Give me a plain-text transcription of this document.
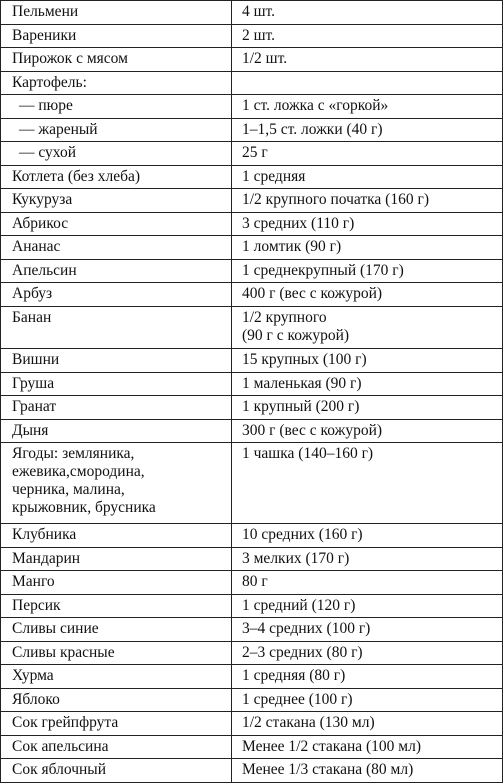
Пельмени	4 шт.
Вареники	2 шт.
Пирожок с мясом	1/2 шт.
Картофель:	
— пюре	1 ст. ложка с «горкой»
— жареный	1–1,5 ст. ложки (40 г)
— сухой	25 г
Котлета (без хлеба)	1 средняя
Кукуруза	1/2 крупного початка (160 г)
Абрикос	3 средних (110 г)
Ананас	1 ломтик (90 г)
Апельсин	1 среднекрупный (170 г)
Арбуз	400 г (вес с кожурой)
Банан	1/2 крупного
(90 г с кожурой)
Вишни	15 крупных (100 г)
Груша	1 маленькая (90 г)
Гранат	1 крупный (200 г)
Дыня	300 г (вес с кожурой)
Ягоды: земляника,
ежевика,смородина,
черника, малина,
крыжовник, брусника	1 чашка (140–160 г)
Клубника	10 средних (160 г)
Мандарин	3 мелких (170 г)
Манго	80 г
Персик	1 средний (120 г)
Сливы синие	3–4 средних (100 г)
Сливы красные	2–3 средних (80 г)
Хурма	1 средняя (80 г)
Яблоко	1 среднее (100 г)
Сок грейпфрута	1/2 стакана (130 мл)
Сок апельсина	Менее 1/2 стакана (100 мл)
Сок яблочный	Менее 1/3 стакана (80 мл)
